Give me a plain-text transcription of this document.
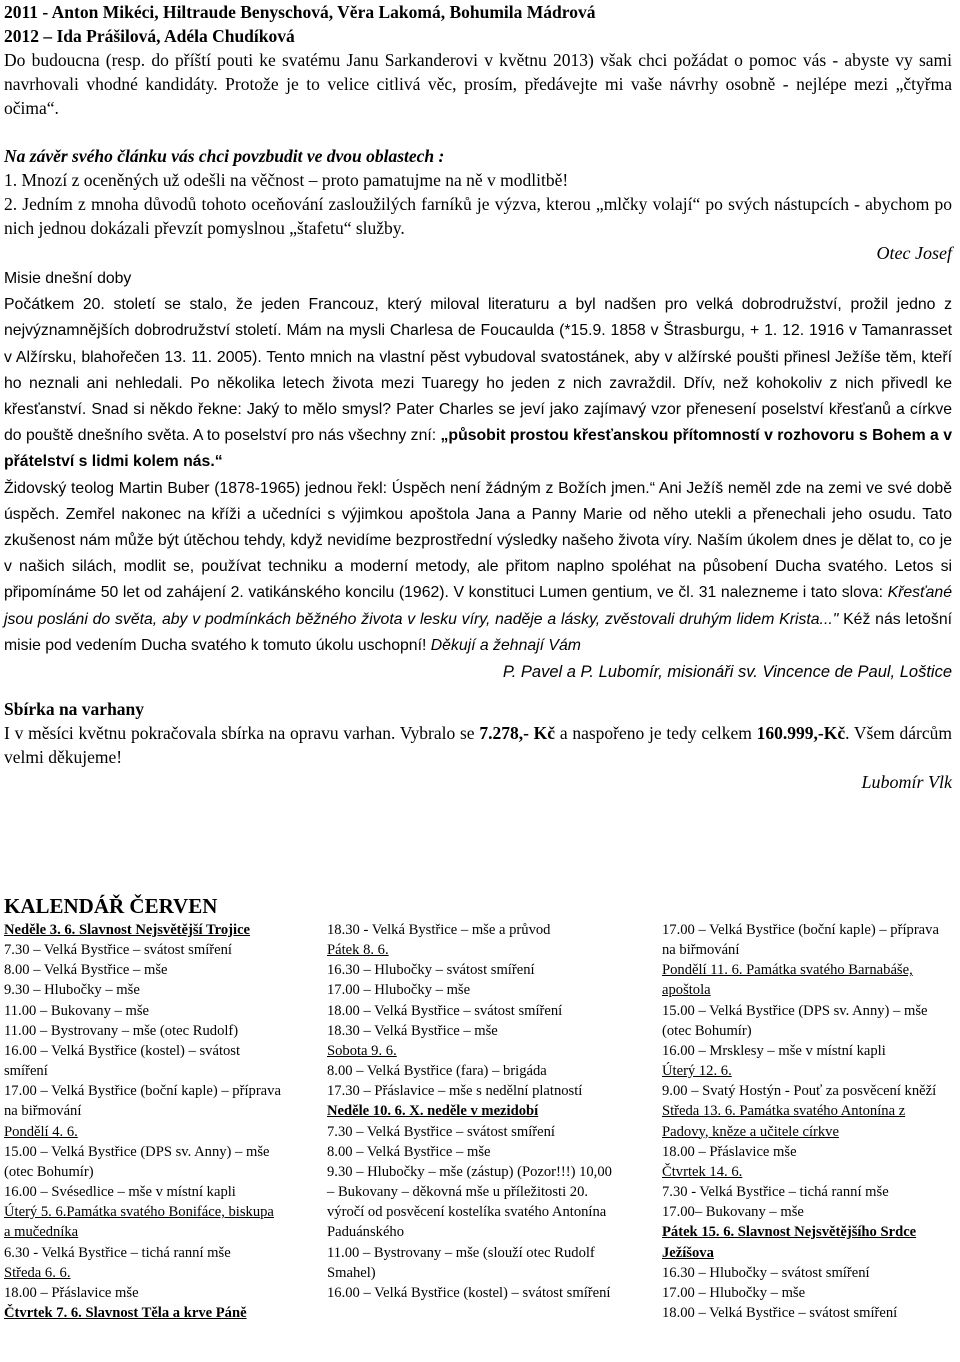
2011 - Anton Mikéci, Hiltraude Benyschová, Věra Lakomá, Bohumila Mádrová

2012 – Ida Prášilová, Adéla Chudíková

Do budoucna (resp. do příští pouti ke svatému Janu Sarkanderovi v květnu 2013) však chci požádat o pomoc vás - abyste vy sami navrhovali vhodné kandidáty. Protože je to velice citlivá věc, prosím, předávejte mi vaše návrhy osobně - nejlépe mezi „čtyřma očima“.

Na závěr svého článku vás chci povzbudit ve dvou oblastech :

1. Mnozí z oceněných už odešli na věčnost – proto pamatujme na ně v modlitbě!

2. Jedním z mnoha důvodů tohoto oceňování zasloužilých farníků je výzva, kterou „mlčky volají“ po svých nástupcích - abychom po nich jednou dokázali převzít pomyslnou „štafetu“ služby.

Otec Josef

Misie dnešní doby

Počátkem 20. století se stalo, že jeden Francouz, který miloval literaturu a byl nadšen pro velká dobrodružství, prožil jedno z nejvýznamnějších dobrodružství století. Mám na mysli Charlesa de Foucaulda (*15.9. 1858 v Štrasburgu, + 1. 12. 1916 v Tamanrasset v Alžírsku, blahořečen 13. 11. 2005). Tento mnich na vlastní pěst vybudoval svatostánek, aby v alžírské poušti přinesl Ježíše těm, kteří ho neznali ani nehledali. Po několika letech života mezi Tuaregy ho jeden z nich zavraždil. Dřív, než kohokoliv z nich přivedl ke křesťanství. Snad si někdo řekne: Jaký to mělo smysl? Pater Charles se jeví jako zajímavý vzor přenesení poselství křesťanů a církve do pouště dnešního světa. A to poselství pro nás všechny zní: „působit prostou křesťanskou přítomností v rozhovoru s Bohem a v přátelství s lidmi kolem nás.“

Židovský teolog Martin Buber (1878-1965) jednou řekl: Úspěch není žádným z Božích jmen.“ Ani Ježíš neměl zde na zemi ve své době úspěch. Zemřel nakonec na kříži a učedníci s výjimkou apoštola Jana a Panny Marie od něho utekli a přenechali jeho osudu. Tato zkušenost nám může být útěchou tehdy, když nevidíme bezprostřední výsledky našeho života víry. Naším úkolem dnes je dělat to, co je v našich silách, modlit se, používat techniku a moderní metody, ale přitom naplno spoléhat na působení Ducha svatého. Letos si připomínáme 50 let od zahájení 2. vatikánského koncilu (1962). V konstituci Lumen gentium, ve čl. 31 nalezneme i tato slova: Křesťané jsou posláni do světa, aby v podmínkách běžného života v lesku víry, naděje a lásky, zvěstovali druhým lidem Krista..." Kéž nás letošní misie pod vedením Ducha svatého k tomuto úkolu uschopní! Děkují a žehnají Vám

P. Pavel a P. Lubomír, misionáři sv. Vincence de Paul, Loštice

Sbírka na varhany

I v měsíci květnu pokračovala sbírka na opravu varhan. Vybralo se 7.278,- Kč a naspořeno je tedy celkem 160.999,-Kč. Všem dárcům velmi děkujeme!

Lubomír Vlk

KALENDÁŘ ČERVEN

Neděle 3. 6. Slavnost Nejsvětější Trojice

7.30 – Velká Bystřice – svátost smíření

8.00 – Velká Bystřice – mše

9.30 – Hlubočky – mše

11.00 – Bukovany – mše

11.00 – Bystrovany – mše (otec Rudolf)

16.00 – Velká Bystřice (kostel) – svátost smíření

17.00 – Velká Bystřice (boční kaple) – příprava na biřmování

Pondělí 4. 6.

15.00 – Velká Bystřice (DPS sv. Anny) – mše (otec Bohumír)

16.00 – Svésedlice – mše v místní kapli

Úterý 5. 6.Památka svatého Bonifáce, biskupa a mučedníka

6.30 - Velká Bystřice – tichá ranní mše

Středa 6. 6.

18.00 – Přáslavice mše

Čtvrtek 7. 6. Slavnost Těla a krve Páně

18.30 - Velká Bystřice – mše a průvod

Pátek 8. 6.

16.30 – Hlubočky – svátost smíření

17.00 – Hlubočky – mše

18.00 – Velká Bystřice – svátost smíření

18.30 – Velká Bystřice – mše

Sobota 9. 6.

8.00 – Velká Bystřice (fara) – brigáda

17.30 – Přáslavice – mše s nedělní platností

Neděle 10. 6. X. neděle v mezidobí

7.30 – Velká Bystřice – svátost smíření

8.00 – Velká Bystřice – mše

9.30 – Hlubočky – mše (zástup) (Pozor!!!) 10,00 – Bukovany – děkovná mše u příležitosti 20. výročí od posvěcení kostelíka svatého Antonína Paduánského

11.00 – Bystrovany – mše (slouží otec Rudolf Smahel)

16.00 – Velká Bystřice (kostel) – svátost smíření

17.00 – Velká Bystřice (boční kaple) – příprava na biřmování

Pondělí 11. 6. Památka svatého Barnabáše, apoštola

15.00 – Velká Bystřice (DPS sv. Anny) – mše (otec Bohumír)

16.00 – Mrsklesy – mše v místní kapli

Úterý 12. 6.

9.00 – Svatý Hostýn - Pouť za posvěcení kněží

Středa 13. 6. Památka svatého Antonína z Padovy, kněze a učitele církve

18.00 – Přáslavice mše

Čtvrtek 14. 6.

7.30 - Velká Bystřice – tichá ranní mše

17.00– Bukovany – mše

Pátek 15. 6. Slavnost Nejsvětějšího Srdce Ježíšova

16.30 – Hlubočky – svátost smíření

17.00 – Hlubočky – mše

18.00 – Velká Bystřice – svátost smíření
